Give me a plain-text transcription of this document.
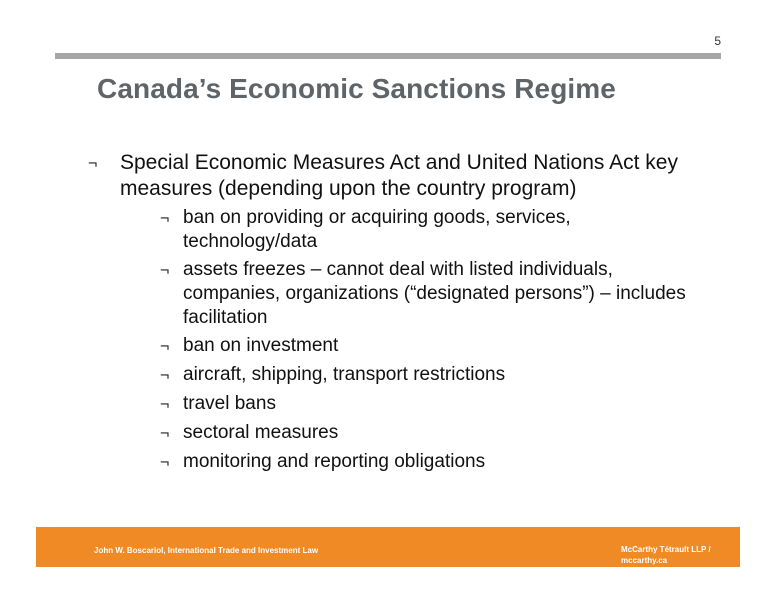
5
Canada’s Economic Sanctions Regime
¬	Special Economic Measures Act and United Nations Act key measures (depending upon the country program)
¬ ban on providing or acquiring goods, services, technology/data
¬ assets freezes – cannot deal with listed individuals, companies, organizations (“designated persons”) – includes facilitation
¬ ban on investment
¬ aircraft, shipping, transport restrictions
¬ travel bans
¬ sectoral measures
¬ monitoring and reporting obligations
John W. Boscariol, International Trade and Investment Law	McCarthy Tétrault LLP / mccarthy.ca
